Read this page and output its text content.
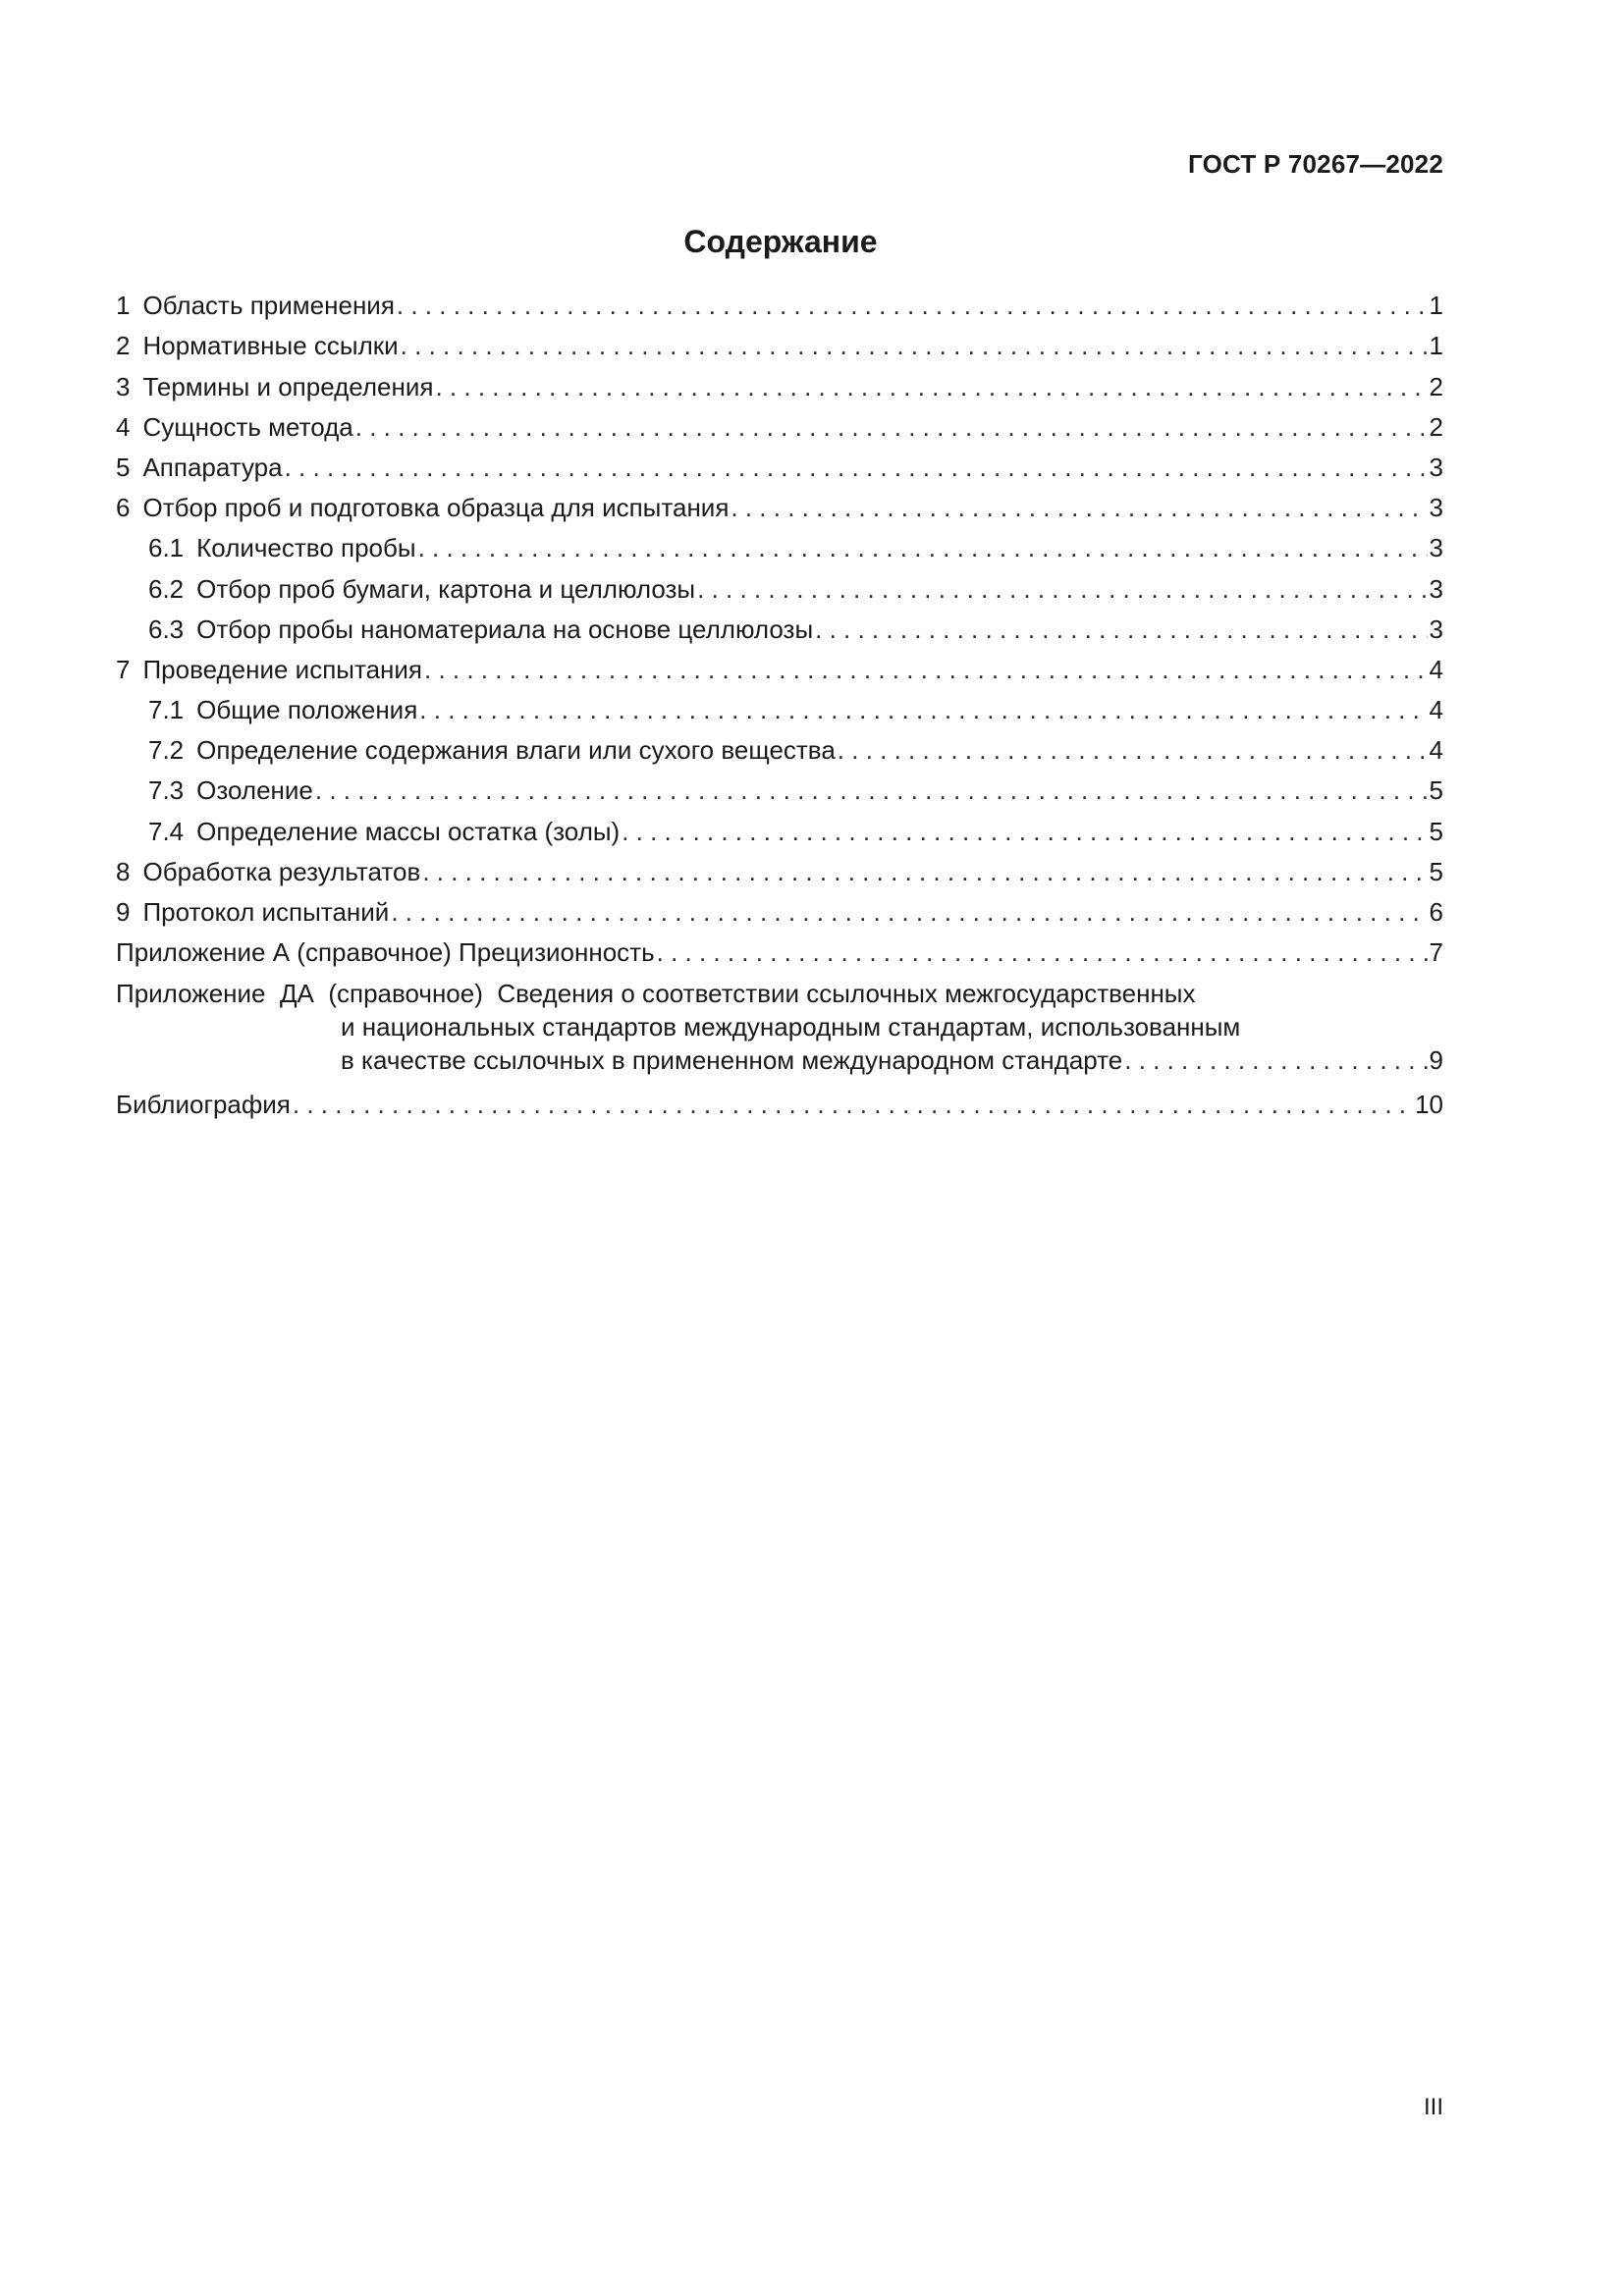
ГОСТ Р 70267—2022
Содержание
1 Область применения . . .	1
2 Нормативные ссылки . . .	1
3 Термины и определения . . .	2
4 Сущность метода . . .	2
5 Аппаратура . . .	3
6 Отбор проб и подготовка образца для испытания . . .	3
6.1 Количество пробы . . .	3
6.2 Отбор проб бумаги, картона и целлюлозы . . .	3
6.3 Отбор пробы наноматериала на основе целлюлозы . . .	3
7 Проведение испытания . . .	4
7.1 Общие положения . . .	4
7.2 Определение содержания влаги или сухого вещества . . .	4
7.3 Озоление . . .	5
7.4 Определение массы остатка (золы) . . .	5
8 Обработка результатов . . .	5
9 Протокол испытаний . . .	6
Приложение А (справочное) Прецизионность . . .	7
Приложение  ДА  (справочное) Сведения о соответствии ссылочных межгосударственных
и национальных стандартов международным стандартам, использованным
в качестве ссылочных в примененном международном стандарте . . .	9
Библиография . . .	10
III
